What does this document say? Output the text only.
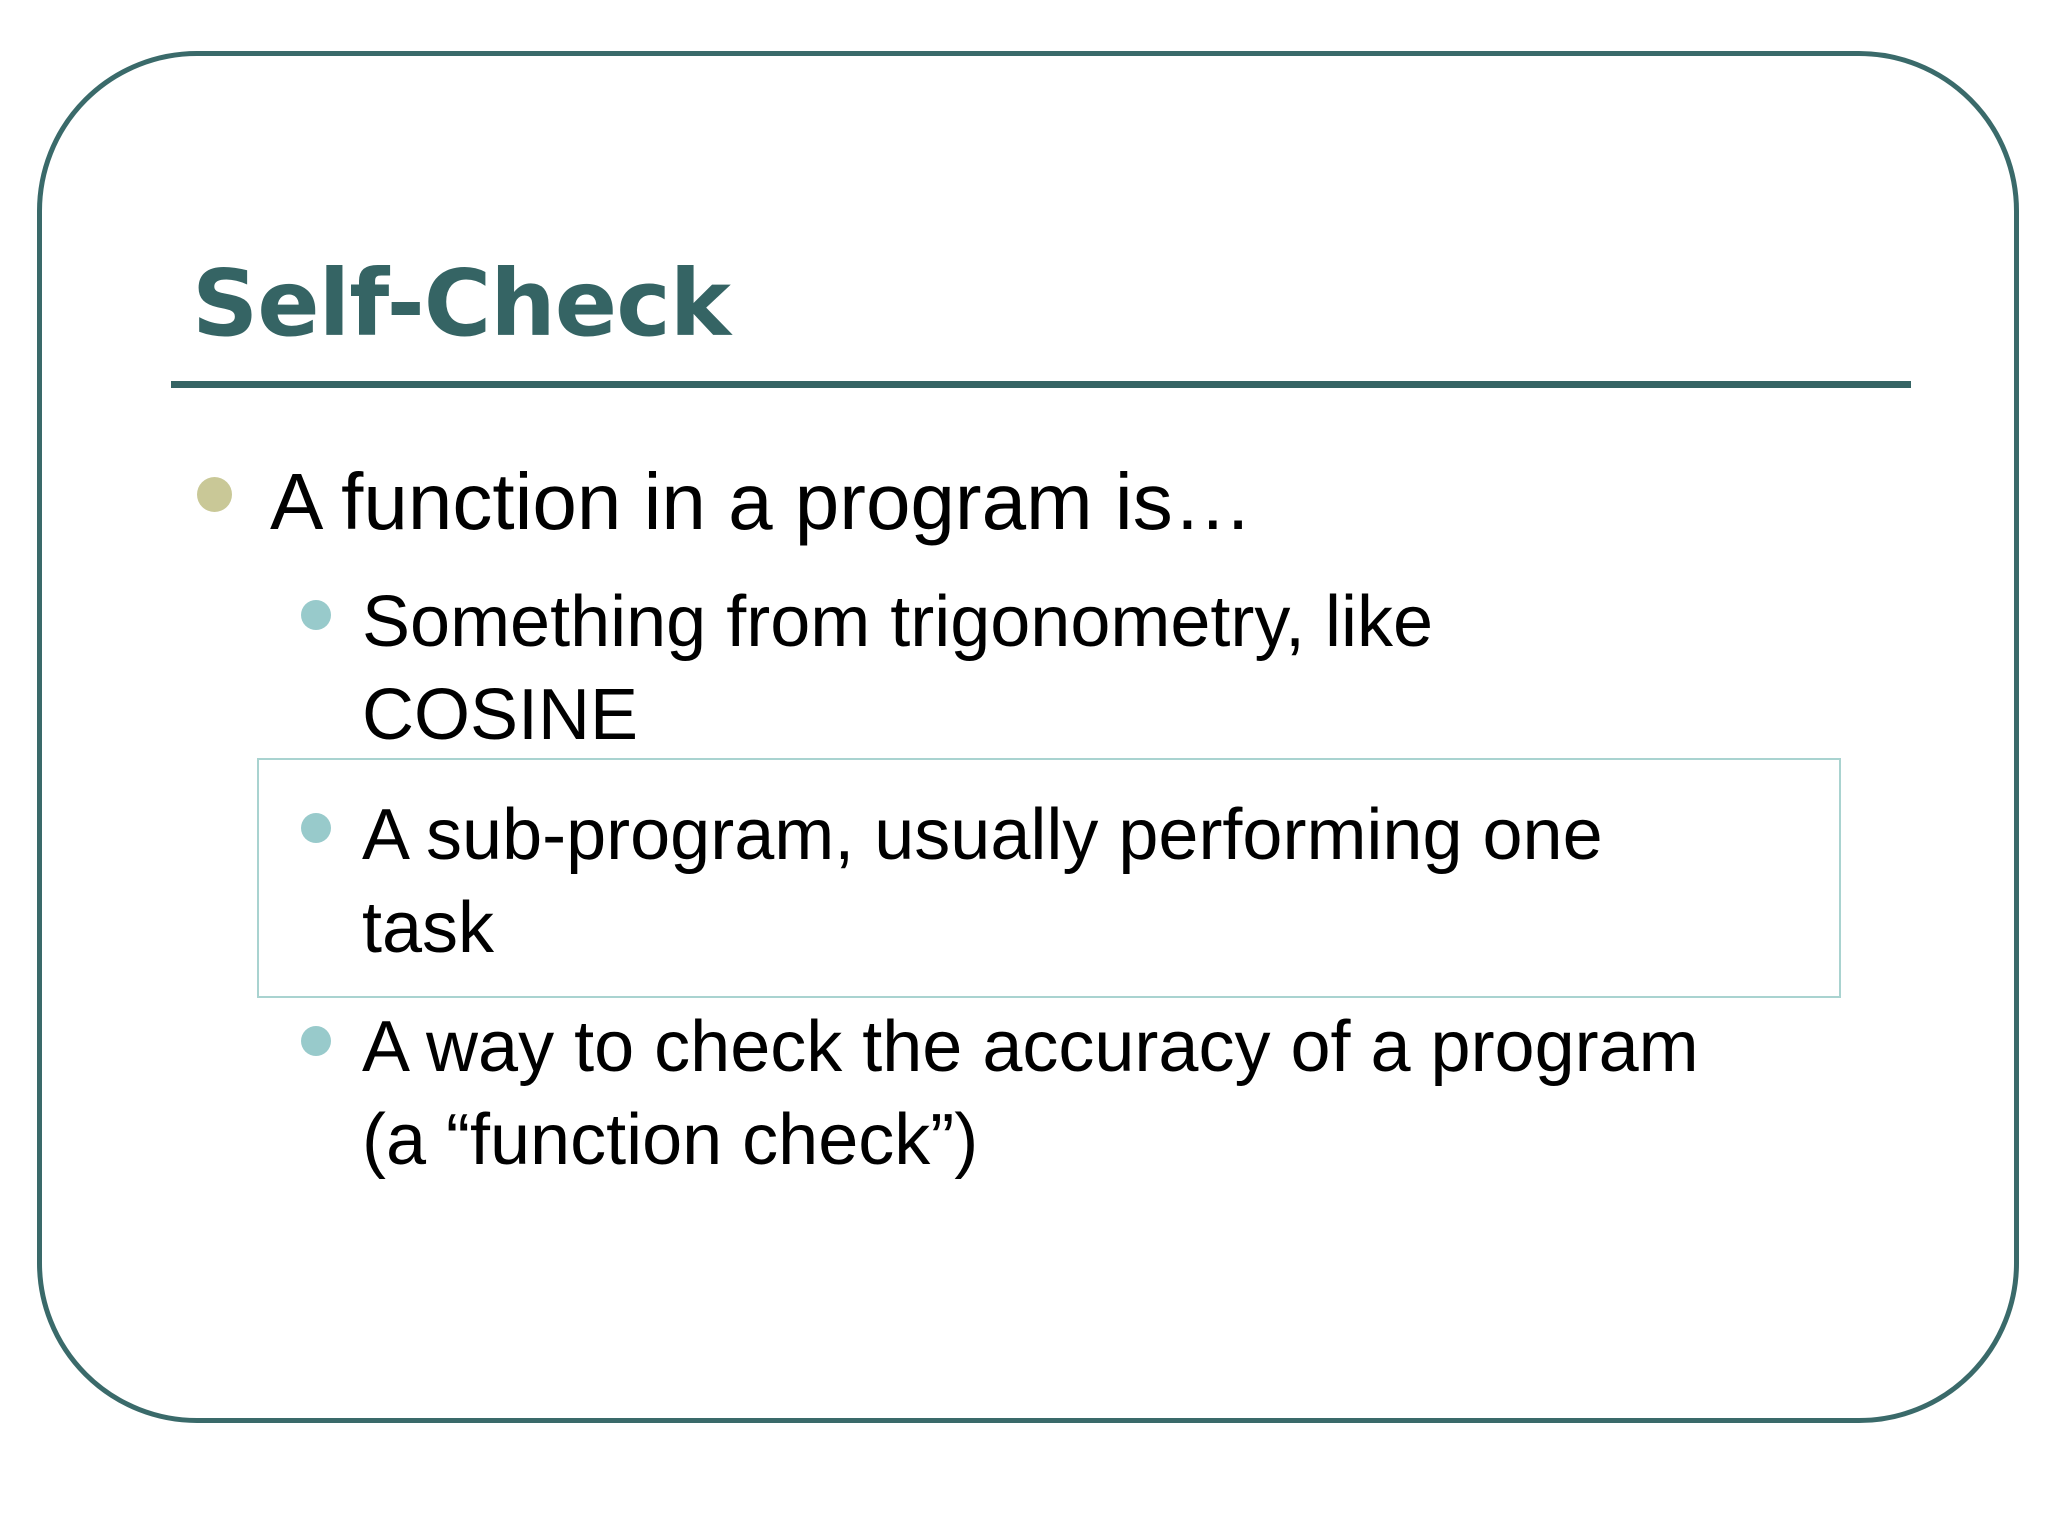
Self-Check
A function in a program is…
Something from trigonometry, like
COSINE
A sub-program, usually performing one
task
A way to check the accuracy of a program
(a “function check”)
